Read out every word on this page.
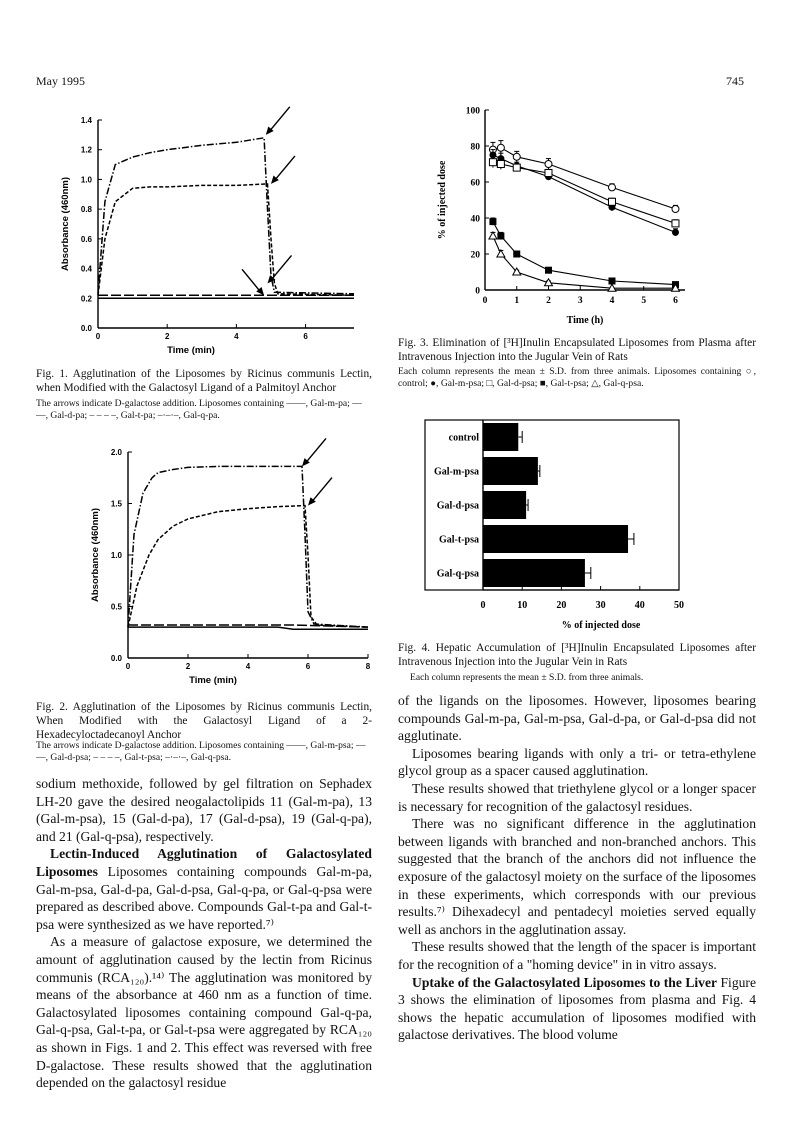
May 1995	745
0.0
0.2
0.4
0.6
0.8
1.0
1.2
1.4
0	2	4	6
Time (min)
Absorbance (460nm)
Fig. 1. Agglutination of the Liposomes by Ricinus communis Lectin, when Modified with the Galactosyl Ligand of a Palmitoyl Anchor
The arrows indicate D-galactose addition. Liposomes containing ——, Gal-m-pa; — —, Gal-d-pa; – – – –, Gal-t-pa; –·–·–, Gal-q-pa.
0.0
0.5
1.0
1.5
2.0
0	2	4	6	8
Time (min)
Absorbance (460nm)
Fig. 2. Agglutination of the Liposomes by Ricinus communis Lectin, When Modified with the Galactosyl Ligand of a 2-Hexadecyloctadecanoyl Anchor
The arrows indicate D-galactose addition. Liposomes containing ——, Gal-m-psa; — —, Gal-d-psa; – – – –, Gal-t-psa; –·–·–, Gal-q-psa.
0
20
40
60
80
100
0	1	2	3	4	5	6
Time (h)
% of injected dose
Fig. 3. Elimination of [³H]Inulin Encapsulated Liposomes from Plasma after Intravenous Injection into the Jugular Vein of Rats
Each column represents the mean ± S.D. from three animals. Liposomes containing ○, control; ●, Gal-m-psa; □, Gal-d-psa; ■, Gal-t-psa; △, Gal-q-psa.
0	10	20	30	40	50
% of injected dose
control
Gal-m-psa
Gal-d-psa
Gal-t-psa
Gal-q-psa
Fig. 4. Hepatic Accumulation of [³H]Inulin Encapsulated Liposomes after Intravenous Injection into the Jugular Vein in Rats
Each column represents the mean ± S.D. from three animals.

sodium methoxide, followed by gel filtration on Sephadex LH-20 gave the desired neogalactolipids 11 (Gal-m-pa), 13 (Gal-m-psa), 15 (Gal-d-pa), 17 (Gal-d-psa), 19 (Gal-q-pa), and 21 (Gal-q-psa), respectively.

Lectin-Induced Agglutination of Galactosylated Liposomes Liposomes containing compounds Gal-m-pa, Gal-m-psa, Gal-d-pa, Gal-d-psa, Gal-q-pa, or Gal-q-psa were prepared as described above. Compounds Gal-t-pa and Gal-t-psa were synthesized as we have reported.⁷⁾

As a measure of galactose exposure, we determined the amount of agglutination caused by the lectin from Ricinus communis (RCA₁₂₀).¹⁴⁾ The agglutination was monitored by means of the absorbance at 460 nm as a function of time. Galactosylated liposomes containing compound Gal-q-pa, Gal-q-psa, Gal-t-pa, or Gal-t-psa were aggregated by RCA₁₂₀ as shown in Figs. 1 and 2. This effect was reversed with free D-galactose. These results showed that the agglutination depended on the galactosyl residue

of the ligands on the liposomes. However, liposomes bearing compounds Gal-m-pa, Gal-m-psa, Gal-d-pa, or Gal-d-psa did not agglutinate.

Liposomes bearing ligands with only a tri- or tetra-ethylene glycol group as a spacer caused agglutination.

These results showed that triethylene glycol or a longer spacer is necessary for recognition of the galactosyl residues.

There was no significant difference in the agglutination between ligands with branched and non-branched anchors. This suggested that the branch of the anchors did not influence the exposure of the galactosyl moiety on the surface of the liposomes in these experiments, which corresponds with our previous results.⁷⁾ Dihexadecyl and pentadecyl moieties served equally well as anchors in the agglutination assay.

These results showed that the length of the spacer is important for the recognition of a "homing device" in in vitro assays.

Uptake of the Galactosylated Liposomes to the Liver Figure 3 shows the elimination of liposomes from plasma and Fig. 4 shows the hepatic accumulation of liposomes modified with galactose derivatives. The blood volume
